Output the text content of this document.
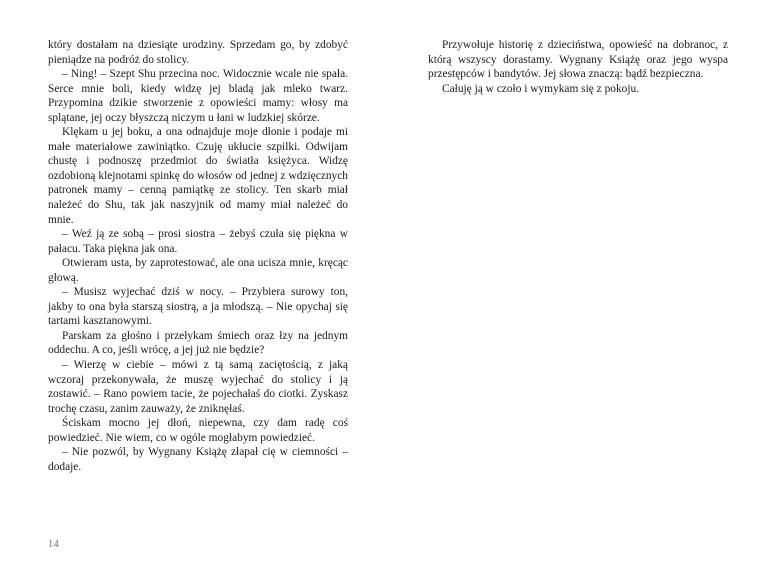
który dostałam na dziesiąte urodziny. Sprzedam go, by zdobyć pieniądze na podróż do stolicy.

– Ning! – Szept Shu przecina noc. Widocznie wcale nie spała. Serce mnie boli, kiedy widzę jej bladą jak mleko twarz. Przypomina dzikie stworzenie z opowieści mamy: włosy ma splątane, jej oczy błyszczą niczym u łani w ludzkiej skórze.

Klękam u jej boku, a ona odnajduje moje dłonie i podaje mi małe materiałowe zawiniątko. Czuję ukłucie szpilki. Odwijam chustę i podnoszę przedmiot do światła księżyca. Widzę ozdobioną klejnotami spinkę do włosów od jednej z wdzięcznych patronek mamy – cenną pamiątkę ze stolicy. Ten skarb miał należeć do Shu, tak jak naszyjnik od mamy miał należeć do mnie.

– Weź ją ze sobą – prosi siostra – żebyś czuła się piękna w pałacu. Taka piękna jak ona.

Otwieram usta, by zaprotestować, ale ona ucisza mnie, kręcąc głową.

– Musisz wyjechać dziś w nocy. – Przybiera surowy ton, jakby to ona była starszą siostrą, a ja młodszą. – Nie opychaj się tartami kasztanowymi.

Parskam za głośno i przełykam śmiech oraz łzy na jednym oddechu. A co, jeśli wrócę, a jej już nie będzie?

– Wierzę w ciebie – mówi z tą samą zaciętością, z jaką wczoraj przekonywała, że muszę wyjechać do stolicy i ją zostawić. – Rano powiem tacie, że pojechałaś do ciotki. Zyskasz trochę czasu, zanim zauważy, że zniknęłaś.

Ściskam mocno jej dłoń, niepewna, czy dam radę coś powiedzieć. Nie wiem, co w ogóle mogłabym powiedzieć.

– Nie pozwól, by Wygnany Książę złapał cię w ciemności – dodaje.

14

Przywołuje historię z dzieciństwa, opowieść na dobranoc, z którą wszyscy dorastamy. Wygnany Książę oraz jego wyspa przestępców i bandytów. Jej słowa znaczą: bądź bezpieczna.

Całuję ją w czoło i wymykam się z pokoju.
